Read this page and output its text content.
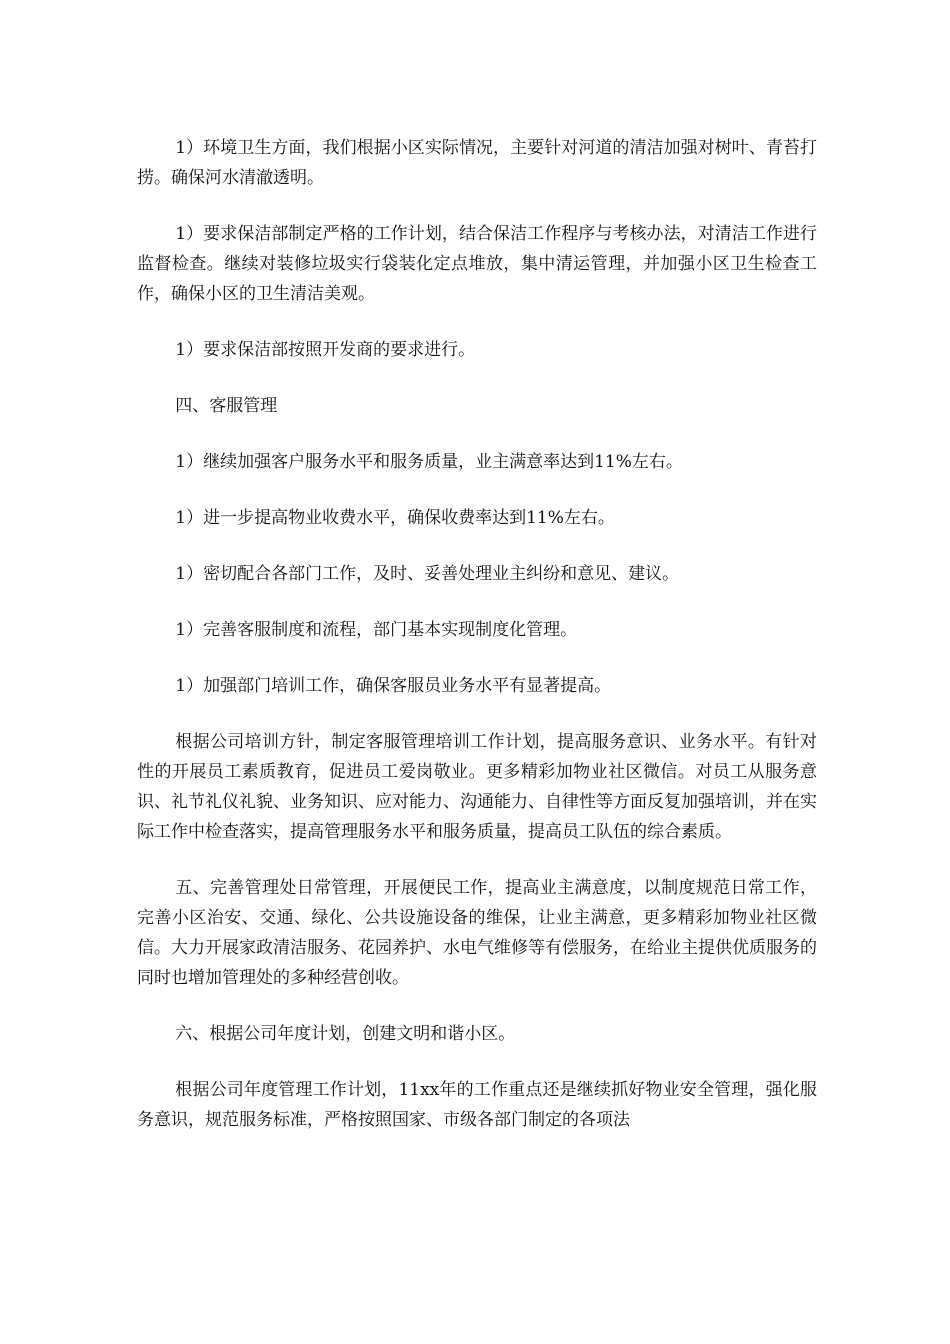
1）环境卫生方面，我们根据小区实际情况，主要针对河道的清洁加强对树叶、青苔打捞。确保河水清澈透明。

1）要求保洁部制定严格的工作计划，结合保洁工作程序与考核办法，对清洁工作进行监督检查。继续对装修垃圾实行袋装化定点堆放，集中清运管理，并加强小区卫生检查工作，确保小区的卫生清洁美观。

1）要求保洁部按照开发商的要求进行。

四、客服管理

1）继续加强客户服务水平和服务质量，业主满意率达到11%左右。

1）进一步提高物业收费水平，确保收费率达到11%左右。

1）密切配合各部门工作，及时、妥善处理业主纠纷和意见、建议。

1）完善客服制度和流程，部门基本实现制度化管理。

1）加强部门培训工作，确保客服员业务水平有显著提高。

根据公司培训方针，制定客服管理培训工作计划，提高服务意识、业务水平。有针对性的开展员工素质教育，促进员工爱岗敬业。更多精彩加物业社区微信。对员工从服务意识、礼节礼仪礼貌、业务知识、应对能力、沟通能力、自律性等方面反复加强培训，并在实际工作中检查落实，提高管理服务水平和服务质量，提高员工队伍的综合素质。

五、完善管理处日常管理，开展便民工作，提高业主满意度，以制度规范日常工作，完善小区治安、交通、绿化、公共设施设备的维保，让业主满意，更多精彩加物业社区微信。大力开展家政清洁服务、花园养护、水电气维修等有偿服务，在给业主提供优质服务的同时也增加管理处的多种经营创收。

六、根据公司年度计划，创建文明和谐小区。

根据公司年度管理工作计划，11xx年的工作重点还是继续抓好物业安全管理，强化服务意识，规范服务标准，严格按照国家、市级各部门制定的各项法
